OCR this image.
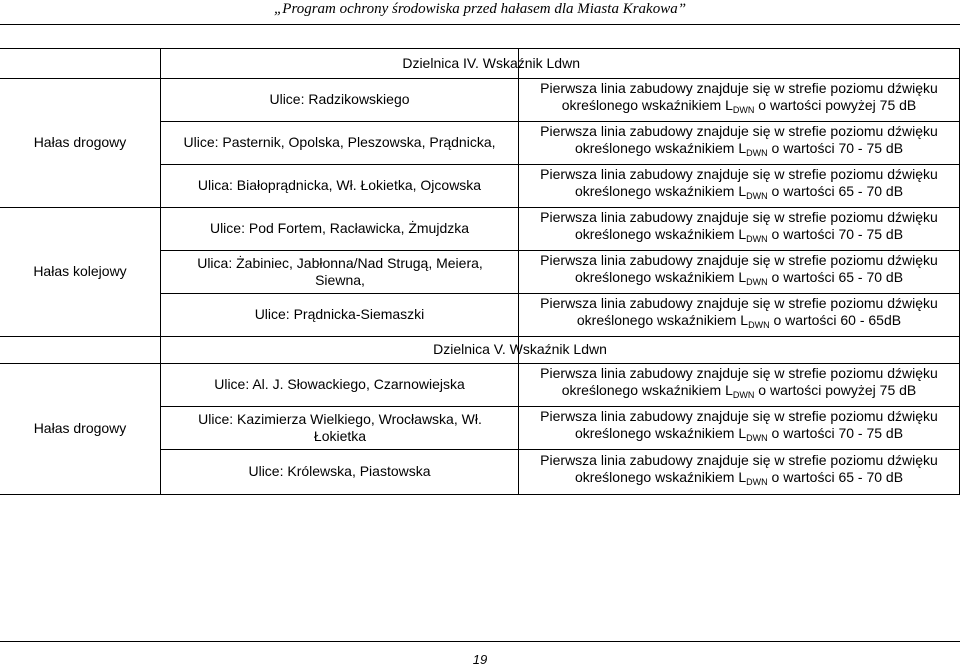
„Program ochrony środowiska przed hałasem dla Miasta Krakowa”
Dzielnica IV. Wskaźnik Ldwn
Hałas drogowy
Ulice: Radzikowskiego
Pierwsza linia zabudowy znajduje się w strefie poziomu dźwięku
określonego wskaźnikiem $L_{DWN}$ o wartości powyżej 75 dB
Ulice: Pasternik, Opolska, Pleszowska, Prądnicka,
Pierwsza linia zabudowy znajduje się w strefie poziomu dźwięku
określonego wskaźnikiem $L_{DWN}$ o wartości 70 - 75 dB
Ulica: Białoprądnicka, Wł. Łokietka, Ojcowska
Pierwsza linia zabudowy znajduje się w strefie poziomu dźwięku
określonego wskaźnikiem $L_{DWN}$ o wartości 65 - 70 dB
Hałas kolejowy
Ulice: Pod Fortem, Racławicka, Żmujdzka
Pierwsza linia zabudowy znajduje się w strefie poziomu dźwięku
określonego wskaźnikiem $L_{DWN}$ o wartości 70 - 75 dB
Ulica: Żabiniec, Jabłonna/Nad Strugą, Meiera, Siewna,
Pierwsza linia zabudowy znajduje się w strefie poziomu dźwięku
określonego wskaźnikiem $L_{DWN}$ o wartości 65 - 70 dB
Ulice: Prądnicka-Siemaszki
Pierwsza linia zabudowy znajduje się w strefie poziomu dźwięku
określonego wskaźnikiem $L_{DWN}$ o wartości 60 - 65dB
Dzielnica V. Wskaźnik Ldwn
Hałas drogowy
Ulice: Al. J. Słowackiego, Czarnowiejska
Pierwsza linia zabudowy znajduje się w strefie poziomu dźwięku
określonego wskaźnikiem $L_{DWN}$ o wartości powyżej 75 dB
Ulice: Kazimierza Wielkiego, Wrocławska, Wł. Łokietka
Pierwsza linia zabudowy znajduje się w strefie poziomu dźwięku
określonego wskaźnikiem $L_{DWN}$ o wartości 70 - 75 dB
Ulice: Królewska, Piastowska
Pierwsza linia zabudowy znajduje się w strefie poziomu dźwięku
określonego wskaźnikiem $L_{DWN}$ o wartości 65 - 70 dB
19
